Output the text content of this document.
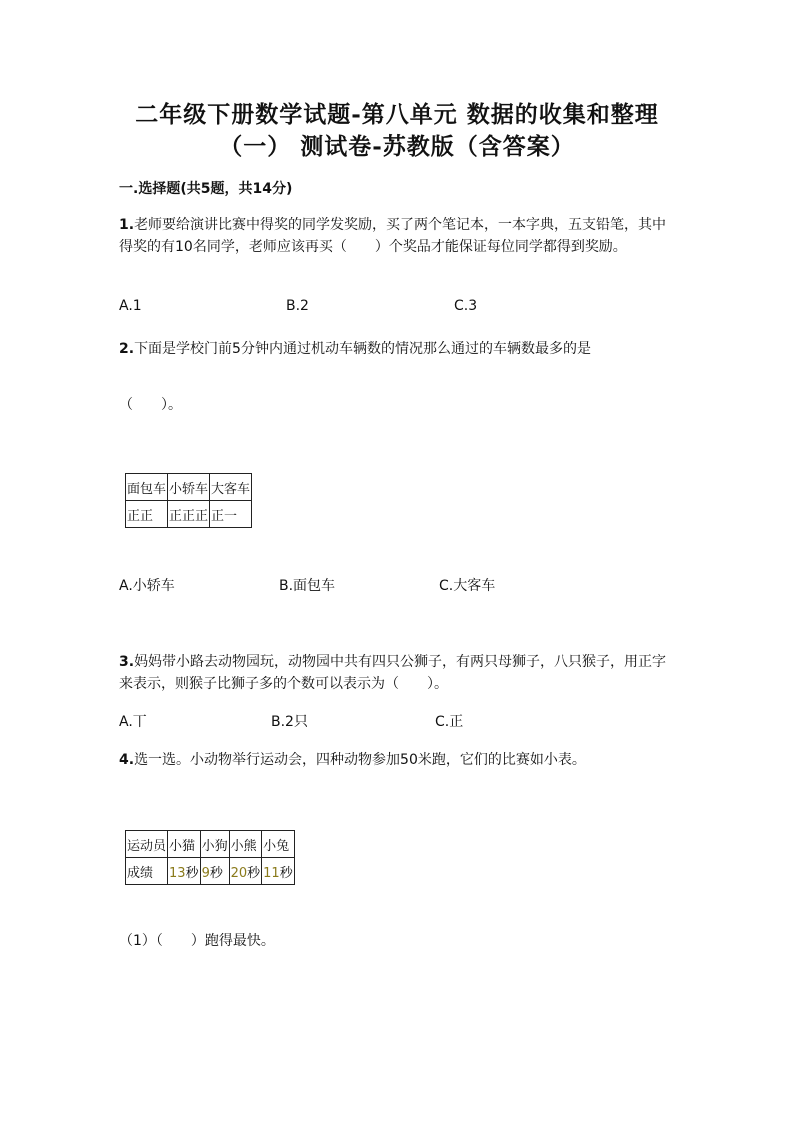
二年级下册数学试题-第八单元 数据的收集和整理
（一） 测试卷-苏教版（含答案）
一.选择题(共5题，共14分)
1.老师要给演讲比赛中得奖的同学发奖励，买了两个笔记本，一本字典，五支铅笔，其中得奖的有10名同学，老师应该再买（　　）个奖品才能保证每位同学都得到奖励。
A.1	B.2	C.3
2.下面是学校门前5分钟内通过机动车辆数的情况那么通过的车辆数最多的是
（　　）。
面包车	小轿车	大客车
正正	正正正	正一
A.小轿车	B.面包车	C.大客车
3.妈妈带小路去动物园玩，动物园中共有四只公狮子，有两只母狮子，八只猴子，用正字来表示，则猴子比狮子多的个数可以表示为（　　）。
A.丅	B.2只	C.正
4.选一选。小动物举行运动会，四种动物参加50米跑，它们的比赛如小表。
运动员	小猫	小狗	小熊	小兔
成绩	13秒	9秒	20秒	11秒
（1）（　　）跑得最快。
